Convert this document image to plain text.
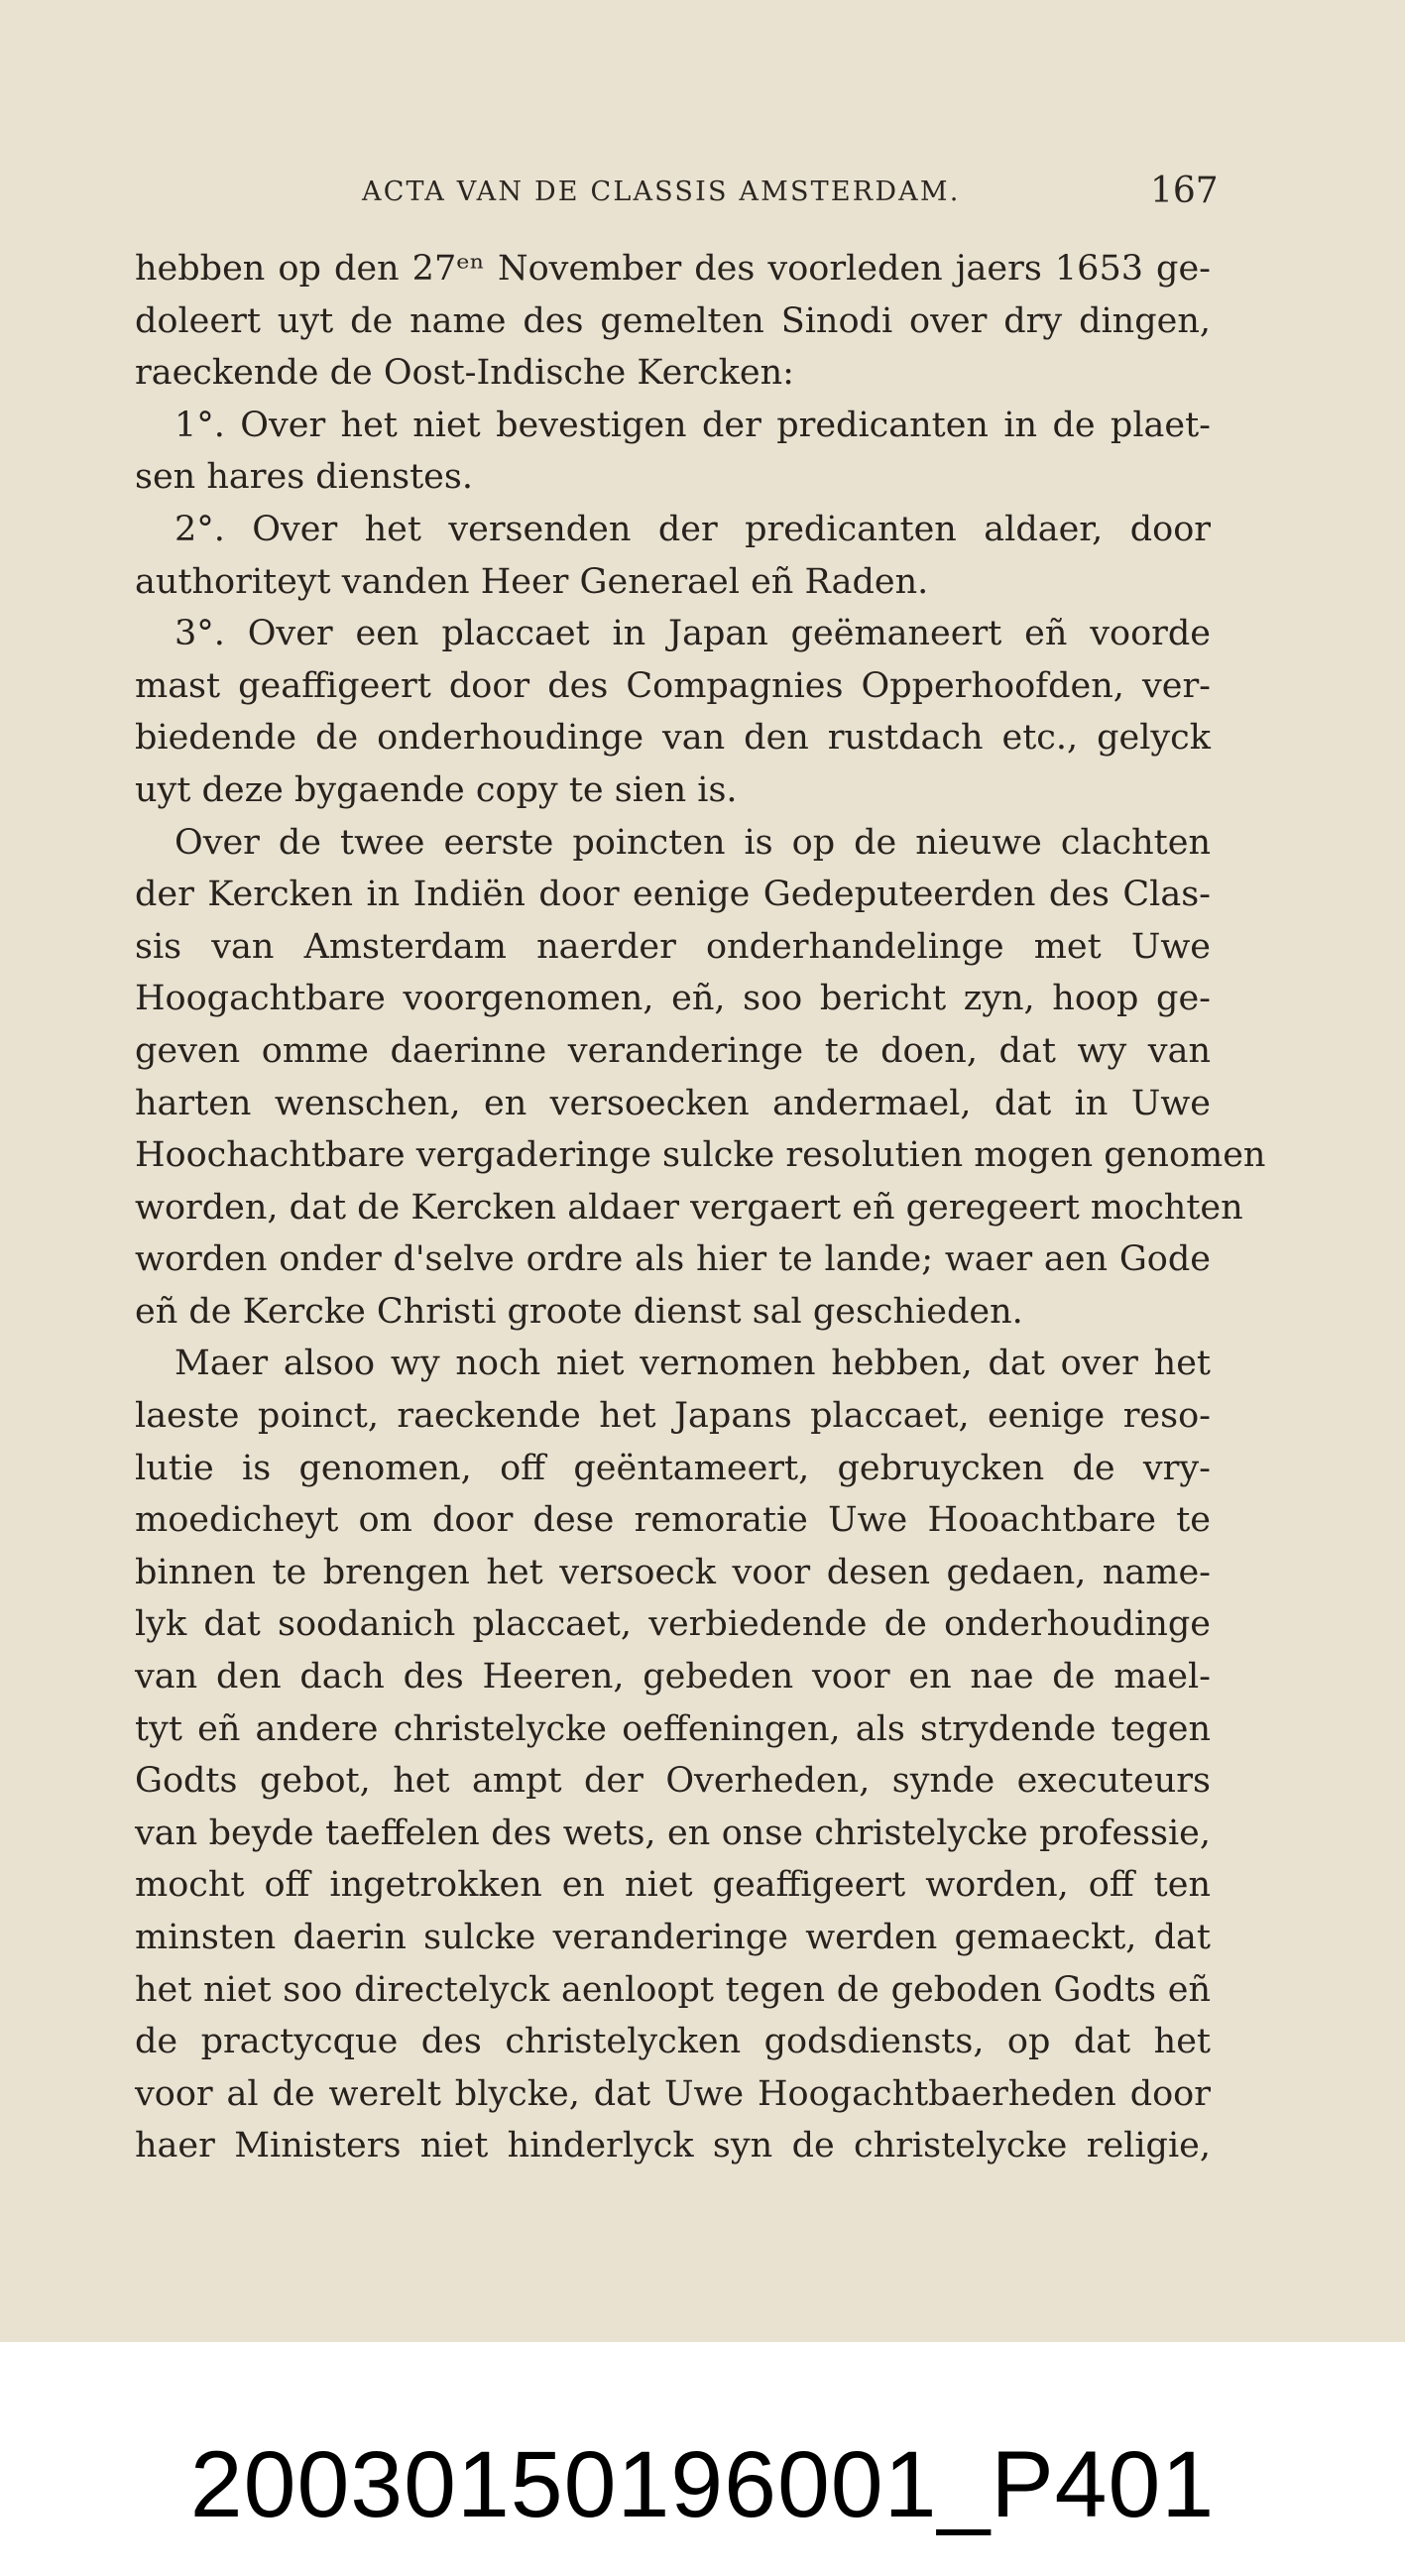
ACTA VAN DE CLASSIS AMSTERDAM.	167
hebben op den 27ᵉⁿ November des voorleden jaers 1653 ge-
doleert uyt de name des gemelten Sinodi over dry dingen,
raeckende de Oost-Indische Kercken:
1°. Over het niet bevestigen der predicanten in de plaet-
sen hares dienstes.
2°. Over het versenden der predicanten aldaer, door
authoriteyt vanden Heer Generael eñ Raden.
3°. Over een placcaet in Japan geëmaneert eñ voorde
mast geaffigeert door des Compagnies Opperhoofden, ver-
biedende de onderhoudinge van den rustdach etc., gelyck
uyt deze bygaende copy te sien is.
Over de twee eerste poincten is op de nieuwe clachten
der Kercken in Indiën door eenige Gedeputeerden des Clas-
sis van Amsterdam naerder onderhandelinge met Uwe
Hoogachtbare voorgenomen, eñ, soo bericht zyn, hoop ge-
geven omme daerinne veranderinge te doen, dat wy van
harten wenschen, en versoecken andermael, dat in Uwe
Hoochachtbare vergaderinge sulcke resolutien mogen genomen
worden, dat de Kercken aldaer vergaert eñ geregeert mochten
worden onder d'selve ordre als hier te lande; waer aen Gode
eñ de Kercke Christi groote dienst sal geschieden.
Maer alsoo wy noch niet vernomen hebben, dat over het
laeste poinct, raeckende het Japans placcaet, eenige reso-
lutie is genomen, off geëntameert, gebruycken de vry-
moedicheyt om door dese remoratie Uwe Hooachtbare te
binnen te brengen het versoeck voor desen gedaen, name-
lyk dat soodanich placcaet, verbiedende de onderhoudinge
van den dach des Heeren, gebeden voor en nae de mael-
tyt eñ andere christelycke oeffeningen, als strydende tegen
Godts gebot, het ampt der Overheden, synde executeurs
van beyde taeffelen des wets, en onse christelycke professie,
mocht off ingetrokken en niet geaffigeert worden, off ten
minsten daerin sulcke veranderinge werden gemaeckt, dat
het niet soo directelyck aenloopt tegen de geboden Godts eñ
de practycque des christelycken godsdiensts, op dat het
voor al de werelt blycke, dat Uwe Hoogachtbaerheden door
haer Ministers niet hinderlyck syn de christelycke religie,
20030150196001_P401
